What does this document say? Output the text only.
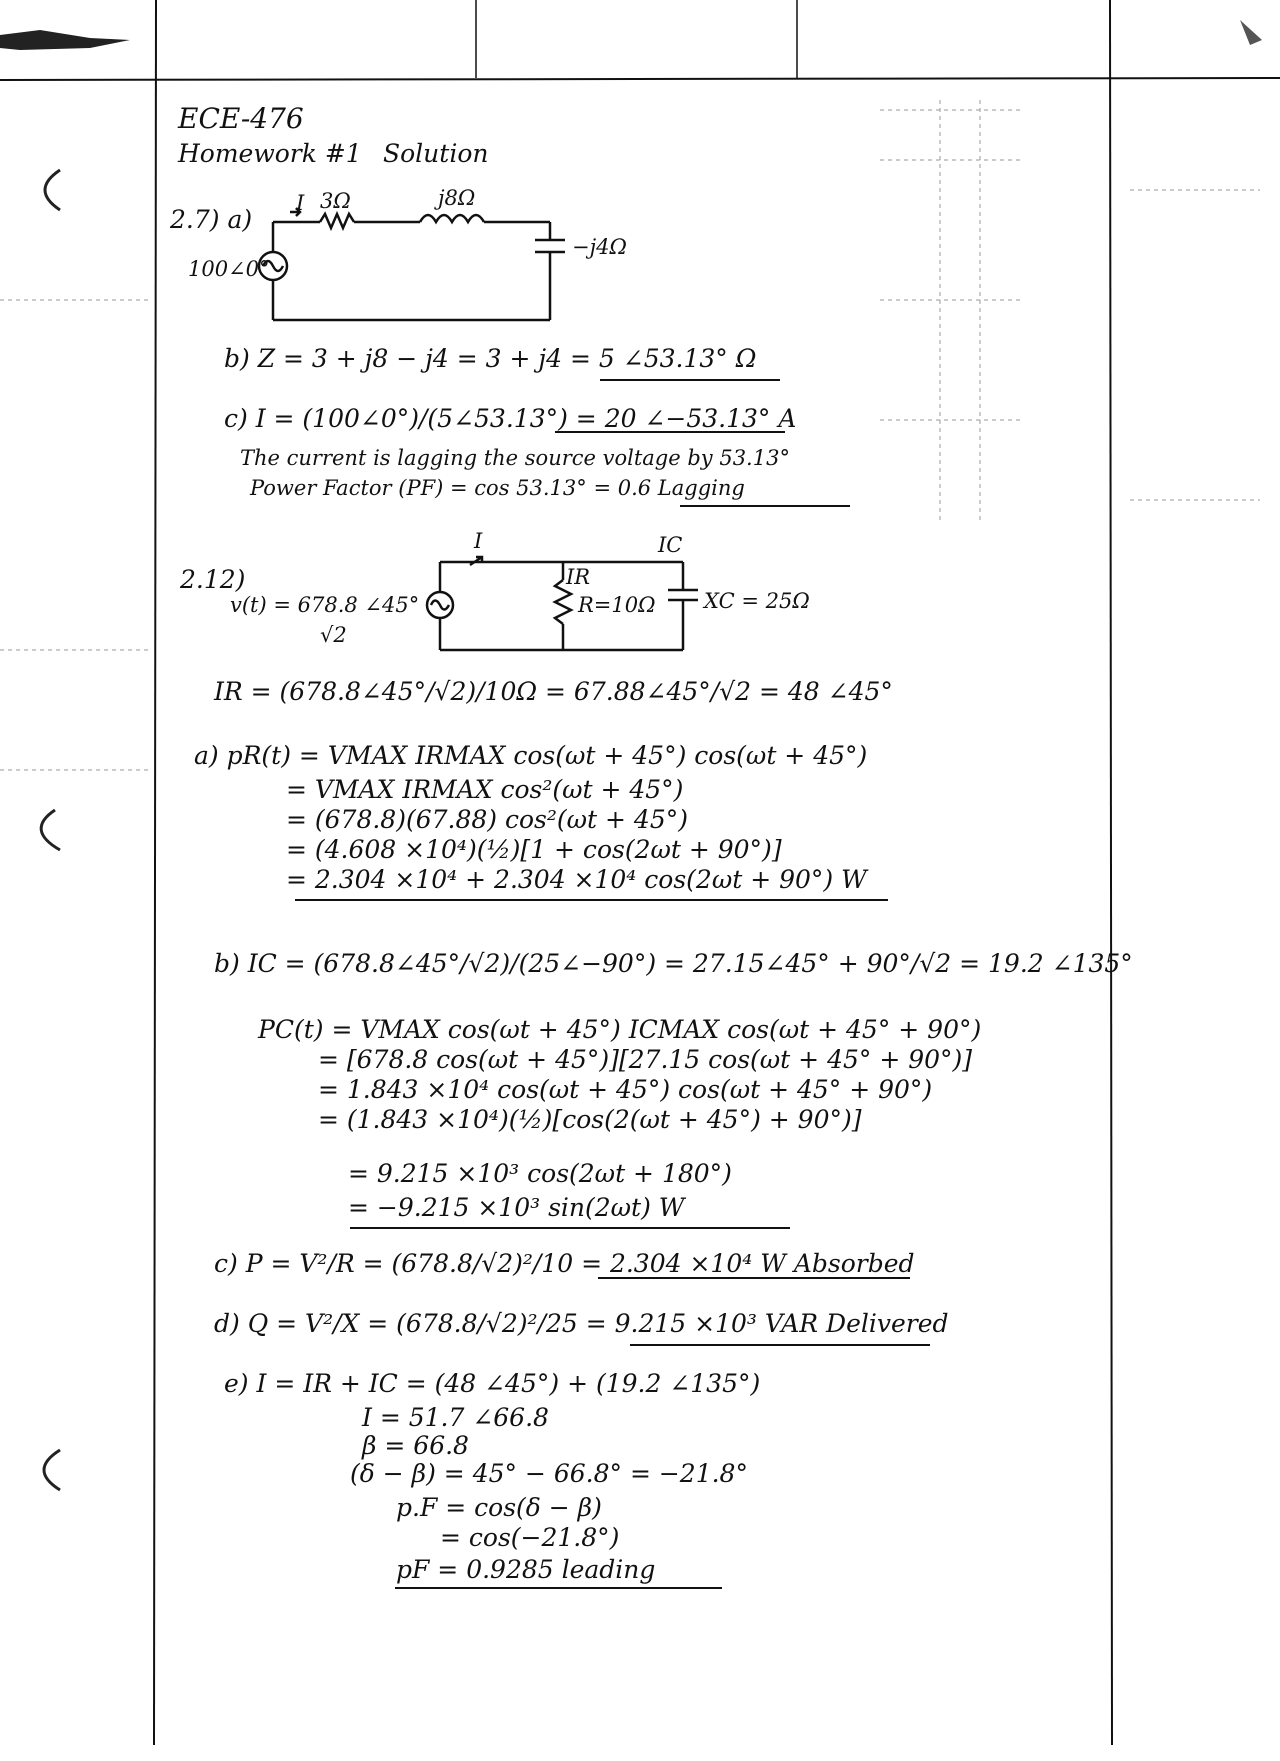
ECE-476
Homework #1 Solution
2.7) a)
100∠0°
3Ω	j8Ω
−j4Ω
I
b) Z = 3 + j8 − j4 = 3 + j4 = 5 ∠53.13° Ω
c) I = (100∠0°)/(5∠53.13°) = 20 ∠−53.13° A
The current is lagging the source voltage by 53.13°
Power Factor (PF) = cos 53.13° = 0.6 Lagging
2.12)
v(t) = 678.8 ∠45°
√2
I
IR
IC
R=10Ω XC = 25Ω
IR = (678.8∠45°/√2)/10Ω = 67.88∠45°/√2 = 48 ∠45°
a) pR(t) = VMAX IRMAX cos(ωt + 45°) cos(ωt + 45°)
= VMAX IRMAX cos²(ωt + 45°)
= (678.8)(67.88) cos²(ωt + 45°)
= (4.608 ×10⁴)(½)[1 + cos(2ωt + 90°)]
= 2.304 ×10⁴ + 2.304 ×10⁴ cos(2ωt + 90°) W
b) IC = (678.8∠45°/√2)/(25∠−90°) = 27.15∠45° + 90°/√2 = 19.2 ∠135°
PC(t) = VMAX cos(ωt + 45°) ICMAX cos(ωt + 45° + 90°)
= [678.8 cos(ωt + 45°)][27.15 cos(ωt + 45° + 90°)]
= 1.843 ×10⁴ cos(ωt + 45°) cos(ωt + 45° + 90°)
= (1.843 ×10⁴)(½)[cos(2(ωt + 45°) + 90°)]
= 9.215 ×10³ cos(2ωt + 180°)
= −9.215 ×10³ sin(2ωt) W
c) P = V²/R = (678.8/√2)²/10 = 2.304 ×10⁴ W Absorbed
d) Q = V²/X = (678.8/√2)²/25 = 9.215 ×10³ VAR Delivered
e) I = IR + IC = (48 ∠45°) + (19.2 ∠135°)
I = 51.7 ∠66.8
β = 66.8
(δ − β) = 45° − 66.8° = −21.8°
p.F = cos(δ − β)
= cos(−21.8°)
pF = 0.9285 leading
